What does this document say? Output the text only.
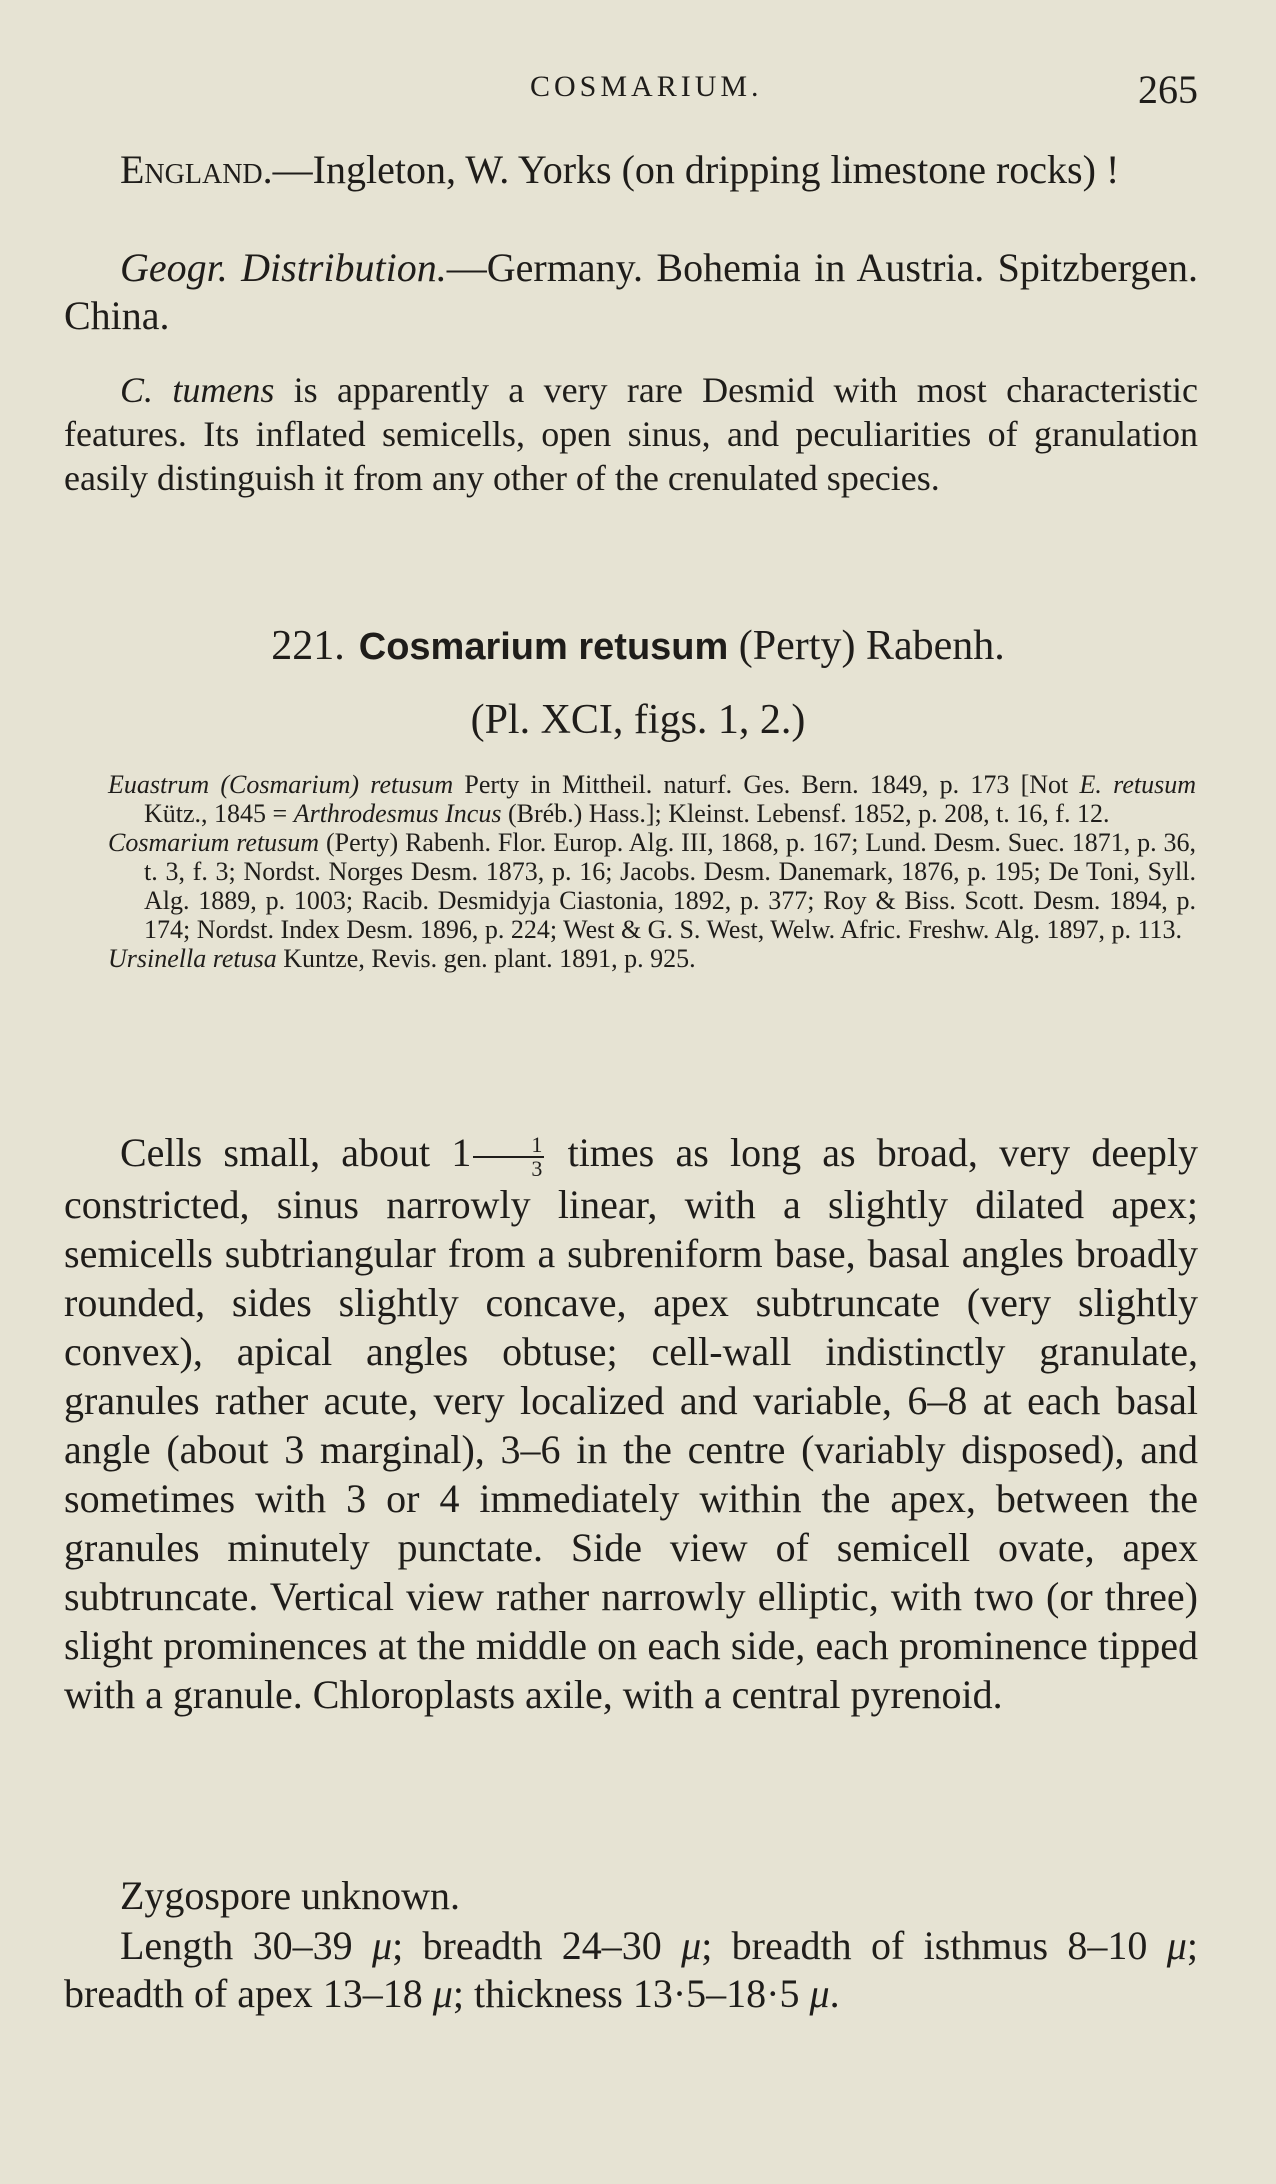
COSMARIUM.	265

England.—Ingleton, W. Yorks (on dripping limestone rocks) !

Geogr. Distribution.—Germany. Bohemia in Austria. Spitzbergen. China.

C. tumens is apparently a very rare Desmid with most characteristic features. Its inflated semicells, open sinus, and peculiarities of granulation easily distinguish it from any other of the crenulated species.

221. Cosmarium retusum (Perty) Rabenh.
(Pl. XCI, figs. 1, 2.)
Euastrum (Cosmarium) retusum Perty in Mittheil. naturf. Ges. Bern. 1849, p. 173 [Not E. retusum Kütz., 1845 = Arthrodesmus Incus (Bréb.) Hass.]; Kleinst. Lebensf. 1852, p. 208, t. 16, f. 12.
Cosmarium retusum (Perty) Rabenh. Flor. Europ. Alg. III, 1868, p. 167; Lund. Desm. Suec. 1871, p. 36, t. 3, f. 3; Nordst. Norges Desm. 1873, p. 16; Jacobs. Desm. Danemark, 1876, p. 195; De Toni, Syll. Alg. 1889, p. 1003; Racib. Desmidyja Ciastonia, 1892, p. 377; Roy & Biss. Scott. Desm. 1894, p. 174; Nordst. Index Desm. 1896, p. 224; West & G. S. West, Welw. Afric. Freshw. Alg. 1897, p. 113.
Ursinella retusa Kuntze, Revis. gen. plant. 1891, p. 925.

Cells small, about $1 \frac{1}{3}$ times as long as broad, very deeply constricted, sinus narrowly linear, with a slightly dilated apex; semicells subtriangular from a subreniform base, basal angles broadly rounded, sides slightly concave, apex subtruncate (very slightly convex), apical angles obtuse; cell-wall indistinctly granulate, granules rather acute, very localized and variable, 6–8 at each basal angle (about 3 marginal), 3–6 in the centre (variably disposed), and sometimes with 3 or 4 immediately within the apex, between the granules minutely punctate. Side view of semicell ovate, apex subtruncate. Vertical view rather narrowly elliptic, with two (or three) slight prominences at the middle on each side, each prominence tipped with a granule. Chloroplasts axile, with a central pyrenoid.

Zygospore unknown.

Length 30–39 μ; breadth 24–30 μ; breadth of isthmus 8–10 μ; breadth of apex 13–18 μ; thickness 13·5–18·5 μ.
